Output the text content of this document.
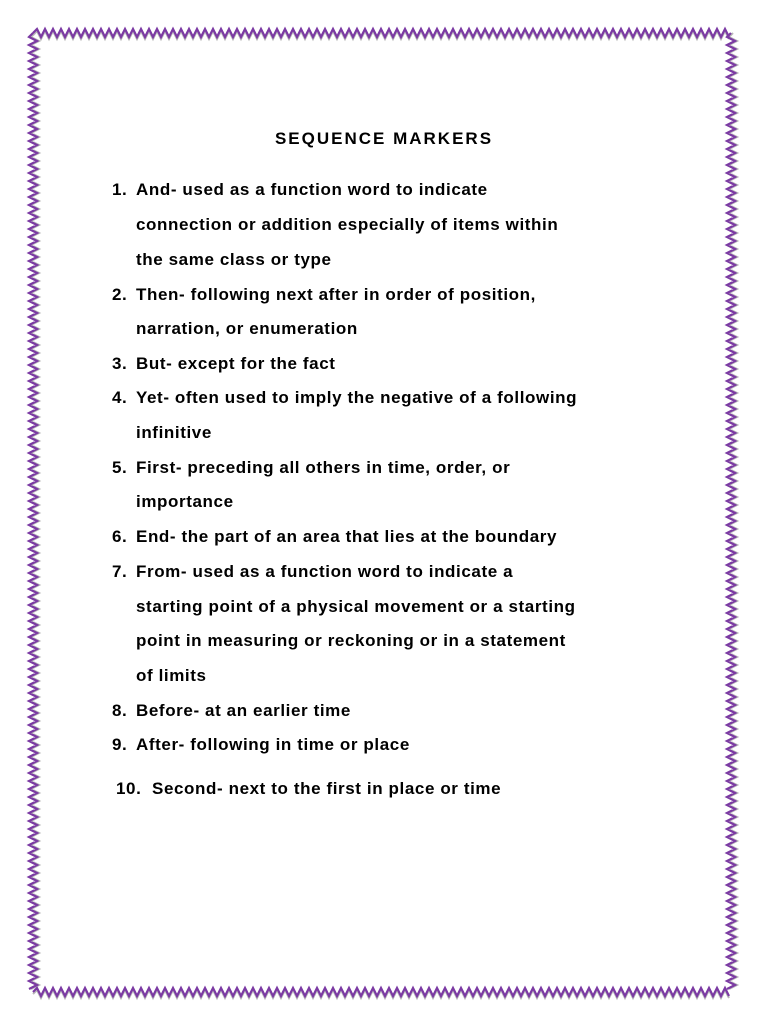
SEQUENCE MARKERS
1. And- used as a function word to indicate
connection or addition especially of items within
the same class or type
2. Then- following next after in order of position,
narration, or enumeration
3. But- except for the fact
4. Yet- often used to imply the negative of a following
infinitive
5. First- preceding all others in time, order, or
importance
6. End- the part of an area that lies at the boundary
7. From- used as a function word to indicate a
starting point of a physical movement or a starting
point in measuring or reckoning or in a statement
of limits
8. Before- at an earlier time
9. After- following in time or place
10. Second- next to the first in place or time
